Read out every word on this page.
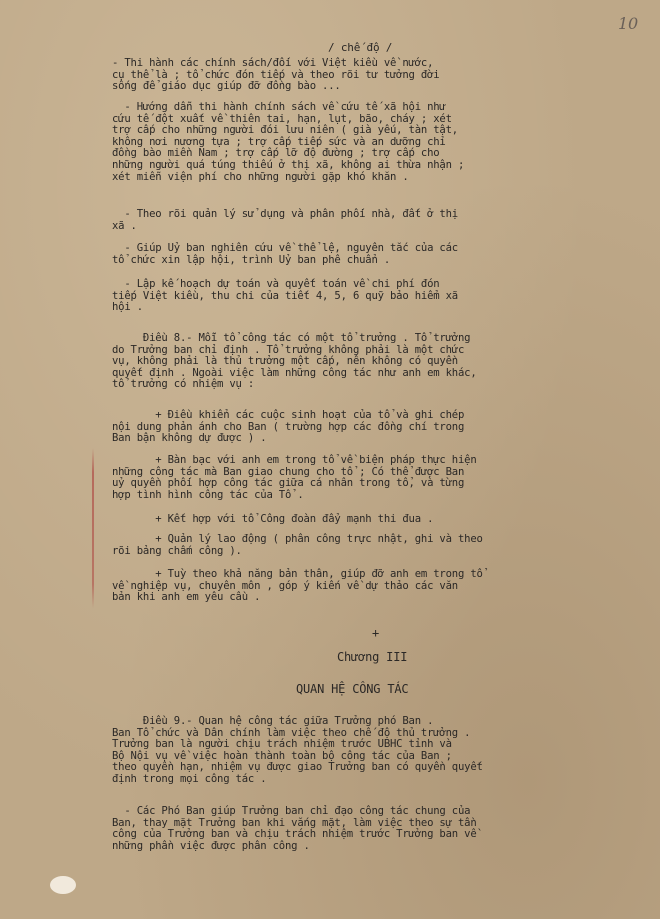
10
/ chế độ /
- Thi hành các chính sách/đối với Việt kiều về nước,
cụ thể là ; tổ chức đón tiếp và theo rõi tư tưởng đời
sống để giáo dục giúp đỡ đồng bào ...
- Hướng dẫn thi hành chính sách về cứu tế xã hội như
cứu tế đột xuất về thiên tai, hạn, lụt, bão, cháy ; xét
trợ cấp cho những người đói lưu niên ( già yếu, tàn tật,
không nơi nương tựa ; trợ cấp tiếp sức và an dưỡng chỉ
đồng bào miền Nam ; trợ cấp lỡ độ đường ; trợ cấp cho
những người quá túng thiếu ở thị xã, không ai thừa nhận ;
xét miễn viện phí cho những người gặp khó khăn .
- Theo rõi quản lý sử dụng và phân phối nhà, đất ở thị
xã .
- Giúp Uỷ ban nghiên cứu về thể lệ, nguyên tắc của các
tổ chức xin lập hội, trình Uỷ ban phê chuẩn .
- Lập kế hoạch dự toán và quyết toán về chi phí đón
tiếp Việt kiều, thu chi của tiết 4, 5, 6 quỹ bảo hiểm xã
hội .
Điều 8.- Mỗi tổ công tác có một tổ trưởng . Tổ trưởng
do Trưởng ban chỉ định . Tổ trưởng không phải là một chức
vụ, không phải là thủ trưởng một cấp, nên không có quyền
quyết định . Ngoài việc làm những công tác như anh em khác,
tổ trưởng có nhiệm vụ :
+ Điều khiển các cuộc sinh hoạt của tổ và ghi chép
nội dung phản ánh cho Ban ( trường hợp các đồng chí trong
Ban bận không dự được ) .
+ Bàn bạc với anh em trong tổ về biện pháp thực hiện
những công tác mà Ban giao chung cho tổ ; Có thể được Ban
uỷ quyền phối hợp công tác giữa cá nhân trong tổ, và từng
hợp tình hình công tác của Tổ .
+ Kết hợp với tổ Công đoàn đẩy mạnh thi đua .
+ Quản lý lao động ( phân công trực nhật, ghi và theo
rõi bảng chấm công ).
+ Tuỳ theo khả năng bản thân, giúp đỡ anh em trong tổ
về nghiệp vụ, chuyên môn , góp ý kiến về dự thảo các văn
bản khi anh em yêu cầu .
Điều 9.- Quan hệ công tác giữa Trưởng phó Ban .
Ban Tổ chức và Dân chính làm việc theo chế độ thủ trưởng .
Trưởng ban là người chịu trách nhiệm trước UBHC tỉnh và
Bộ Nội vụ về việc hoàn thành toàn bộ công tác của Ban ;
theo quyền hạn, nhiệm vụ được giao Trưởng ban có quyền quyết
định trong mọi công tác .
- Các Phó Ban giúp Trưởng ban chỉ đạo công tác chung của
Ban, thay mặt Trưởng ban khi vắng mặt, làm việc theo sự tần
công của Trưởng ban và chịu trách nhiệm trước Trưởng ban về
những phần việc được phân công .
+
Chương III
QUAN HỆ CÔNG TÁC
